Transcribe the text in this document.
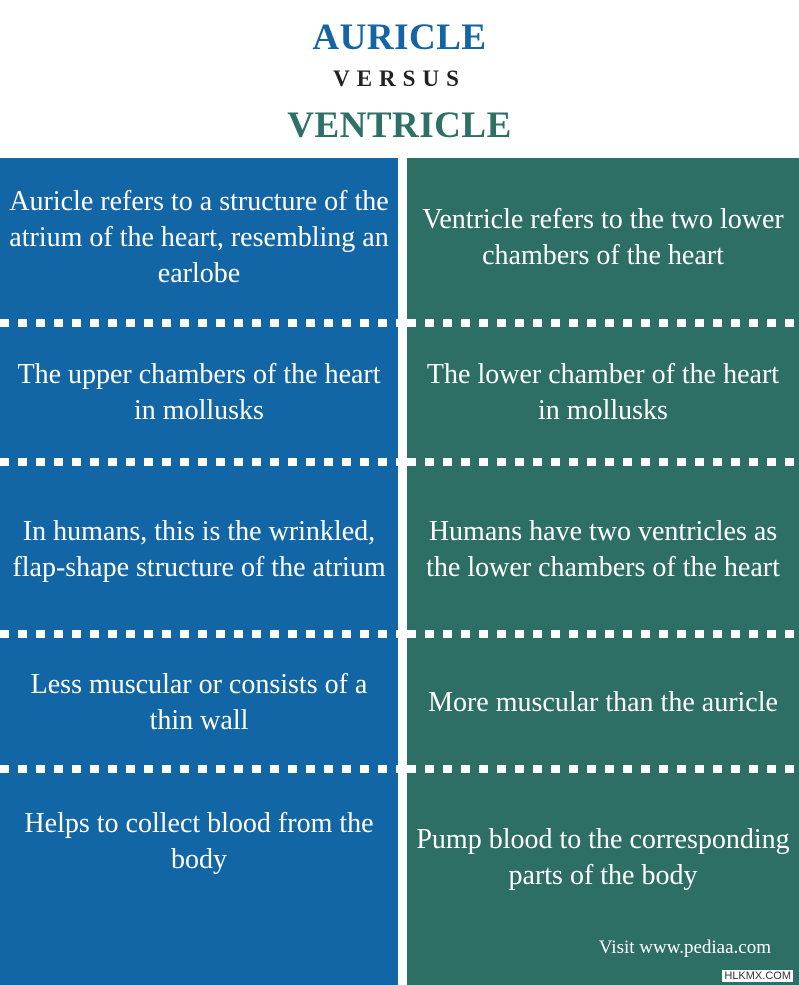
AURICLE
VERSUS
VENTRICLE
Auricle refers to a structure of the atrium of the heart, resembling an earlobe
The upper chambers of the heart in mollusks
In humans, this is the wrinkled, flap-shape structure of the atrium
Less muscular or consists of a thin wall
Helps to collect blood from the body
Ventricle refers to the two lower chambers of the heart
The lower chamber of the heart in mollusks
Humans have two ventricles as the lower chambers of the heart
More muscular than the auricle
Pump blood to the corresponding parts of the body
Visit www.pediaa.com
HLKMX.COM
